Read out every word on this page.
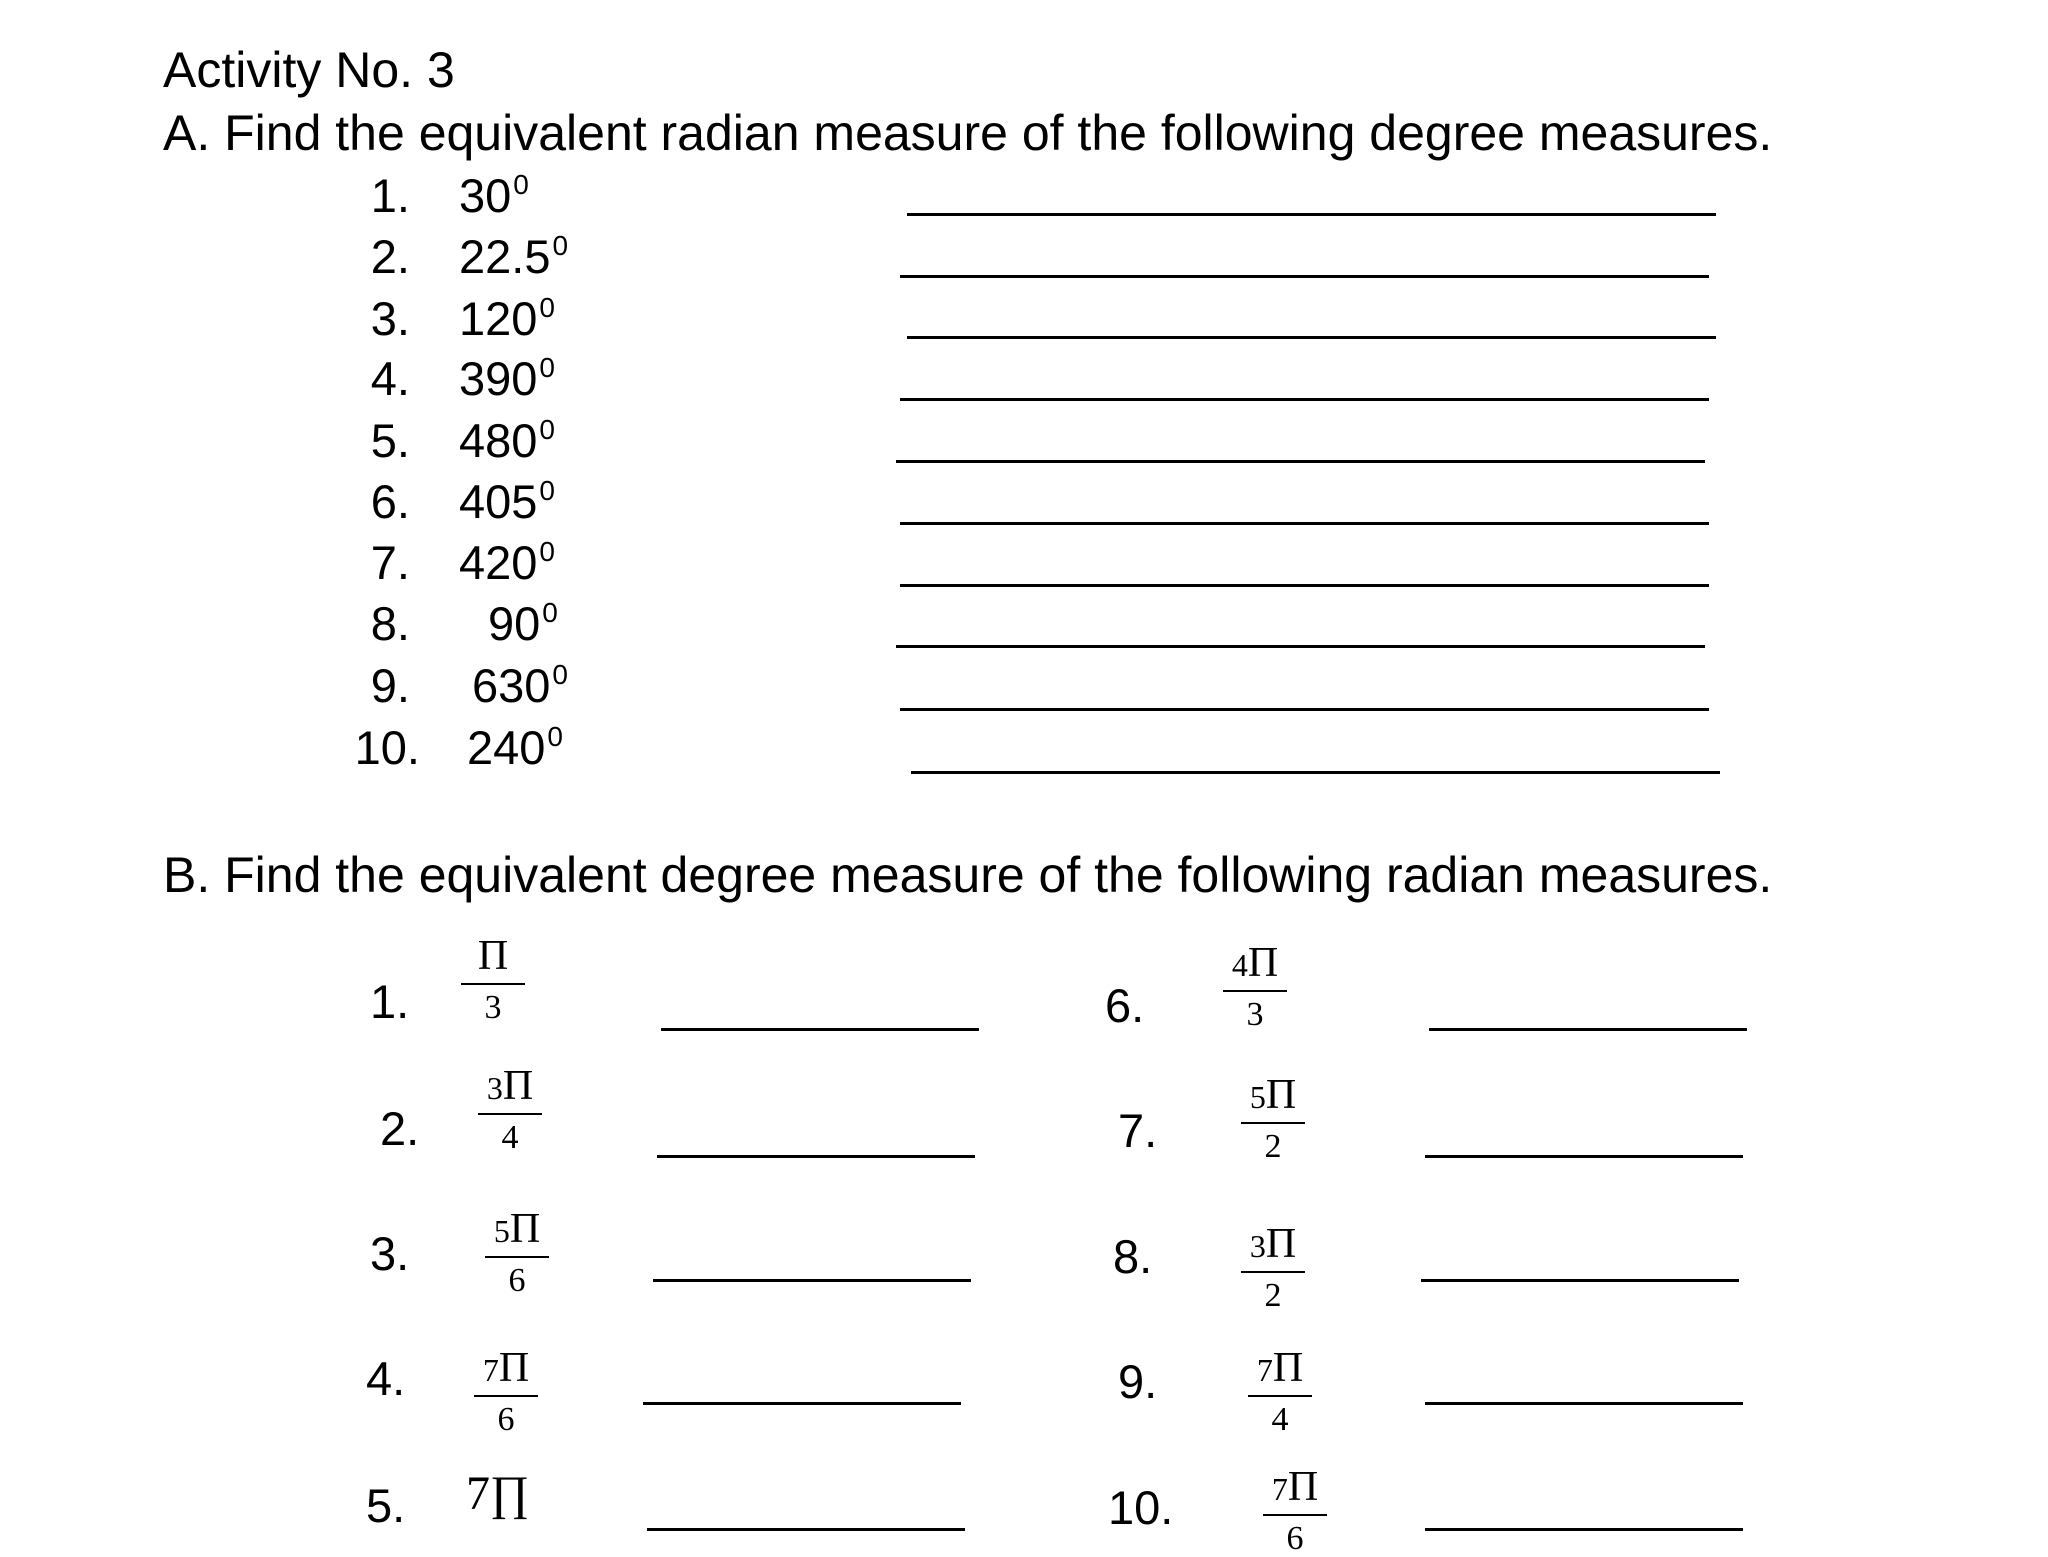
Activity No. 3
A. Find the equivalent radian measure of the following degree measures.
1. $30^0$
2. 22.5$^0$
3. $120^0$
4. $390^0$
5. $480^0$
6. $405^0$
7. $420^0$
8. $90^0$
9. $630^0$
10. $240^0$
B. Find the equivalent degree measure of the following radian measures.
1.
Π
3
2.
3Π
4
3.	5Π
6
4.	7Π
6
5. 7∏
6.
4Π
3
7.
5Π
2
8.	3Π
2
9.	7Π
4
10.	7Π
6
